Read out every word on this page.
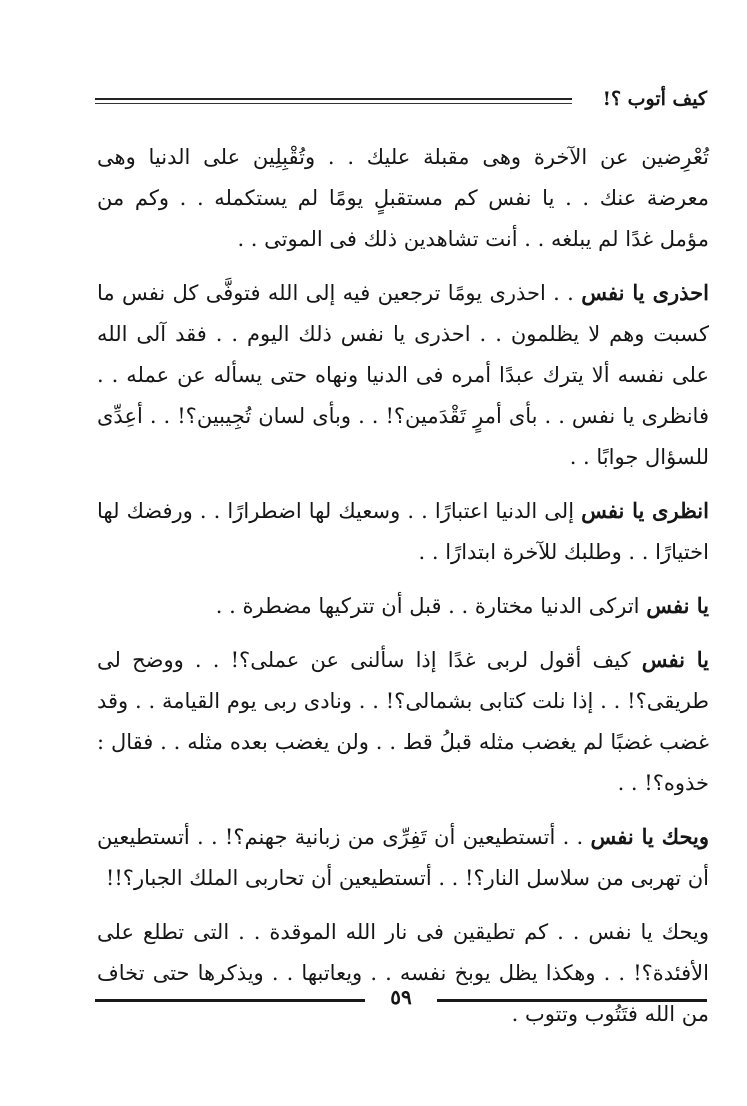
كيف أتوب ؟!

تُعْرِضين عن الآخرة وهى مقبلة عليك . . وتُقْبِلِين على الدنيا وهى معرضة عنك . . يا نفس كم مستقبلٍ يومًا لم يستكمله . . وكم من مؤمل غدًا لم يبلغه . . أنت تشاهدين ذلك فى الموتى . .

احذرى يا نفس . . احذرى يومًا ترجعين فيه إلى الله فتوفَّى كل نفس ما كسبت وهم لا يظلمون . . احذرى يا نفس ذلك اليوم . . فقد آلى الله على نفسه ألا يترك عبدًا أمره فى الدنيا ونهاه حتى يسأله عن عمله . . فانظرى يا نفس . . بأى أمرٍ تَقْدَمين؟! . . وبأى لسان تُجِيبين؟! . . أعِدِّى للسؤال جوابًا . .

انظرى يا نفس إلى الدنيا اعتبارًا . . وسعيك لها اضطرارًا . . ورفضك لها اختيارًا . . وطلبك للآخرة ابتدارًا . .

يا نفس اتركى الدنيا مختارة . . قبل أن تتركيها مضطرة . .

يا نفس كيف أقول لربى غدًا إذا سألنى عن عملى؟! . . ووضح لى طريقى؟! . . إذا نلت كتابى بشمالى؟! . . ونادى ربى يوم القيامة . . وقد غضب غضبًا لم يغضب مثله قبلُ قط . . ولن يغضب بعده مثله . . فقال : خذوه؟! . .

ويحك يا نفس . . أتستطيعين أن تَفِرِّى من زبانية جهنم؟! . . أتستطيعين أن تهربى من سلاسل النار؟! . . أتستطيعين أن تحاربى الملك الجبار؟!!

ويحك يا نفس . . كم تطيقين فى نار الله الموقدة . . التى تطلع على الأفئدة؟! . . وهكذا يظل يوبخ نفسه . . ويعاتبها . . ويذكرها حتى تخاف من الله فتَتُوب وتتوب .

٥٩
